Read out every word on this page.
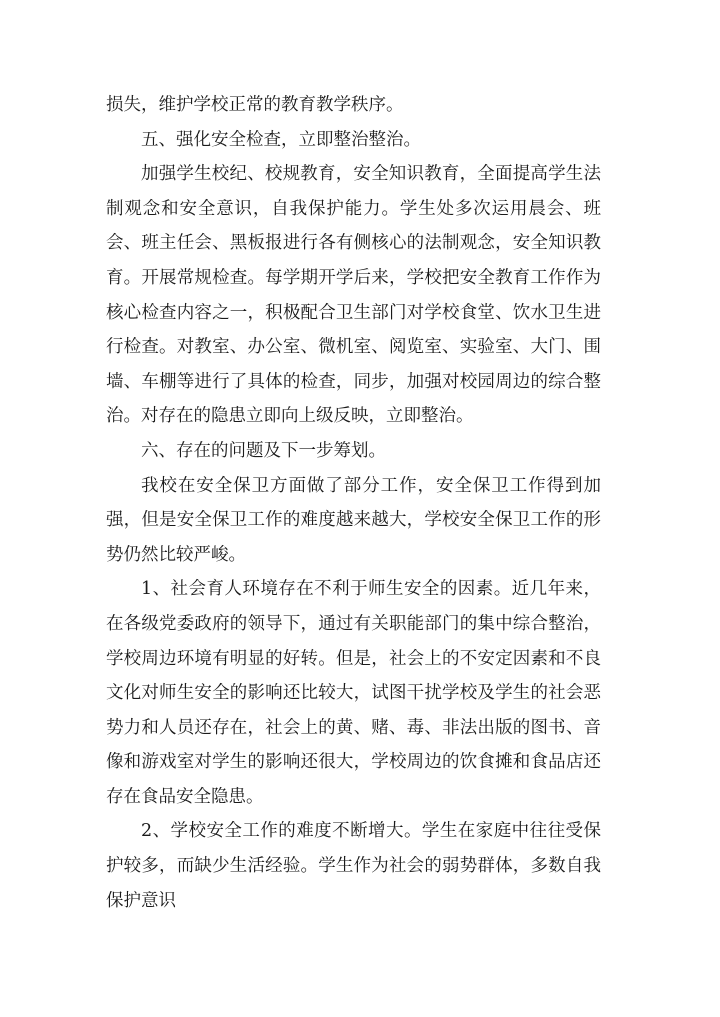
损失，维护学校正常的教育教学秩序。

五、强化安全检查，立即整治整治。

加强学生校纪、校规教育，安全知识教育，全面提高学生法制观念和安全意识，自我保护能力。学生处多次运用晨会、班会、班主任会、黑板报进行各有侧核心的法制观念，安全知识教育。开展常规检查。每学期开学后来，学校把安全教育工作作为核心检查内容之一，积极配合卫生部门对学校食堂、饮水卫生进行检查。对教室、办公室、微机室、阅览室、实验室、大门、围墙、车棚等进行了具体的检查，同步，加强对校园周边的综合整治。对存在的隐患立即向上级反映，立即整治。

六、存在的问题及下一步筹划。

我校在安全保卫方面做了部分工作，安全保卫工作得到加强，但是安全保卫工作的难度越来越大，学校安全保卫工作的形势仍然比较严峻。

1、社会育人环境存在不利于师生安全的因素。近几年来，在各级党委政府的领导下，通过有关职能部门的集中综合整治，学校周边环境有明显的好转。但是，社会上的不安定因素和不良文化对师生安全的影响还比较大，试图干扰学校及学生的社会恶势力和人员还存在，社会上的黄、赌、毒、非法出版的图书、音像和游戏室对学生的影响还很大，学校周边的饮食摊和食品店还存在食品安全隐患。

2、学校安全工作的难度不断增大。学生在家庭中往往受保护较多，而缺少生活经验。学生作为社会的弱势群体，多数自我保护意识
